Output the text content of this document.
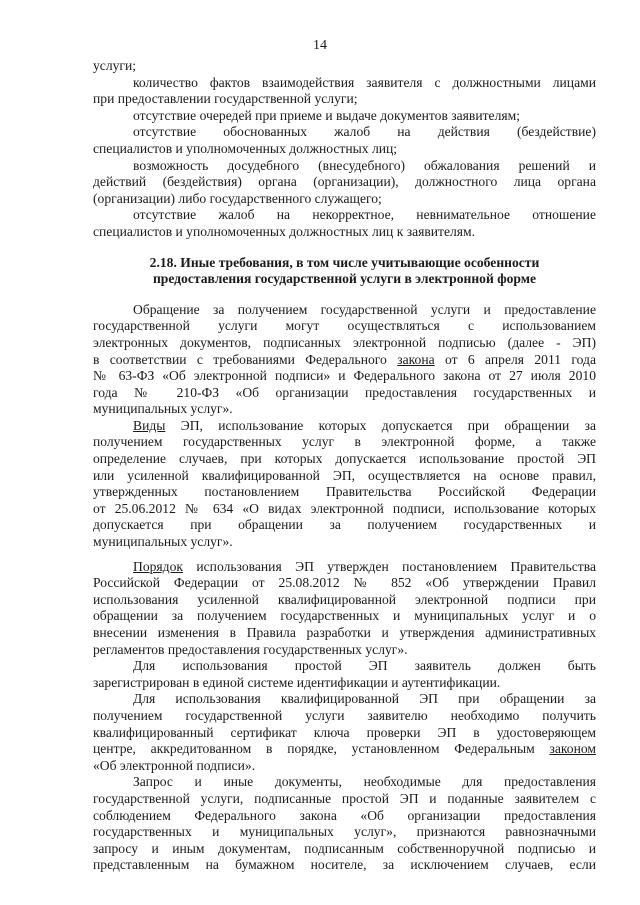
14
услуги;
количество фактов взаимодействия заявителя с должностными лицами
при предоставлении государственной услуги;
отсутствие очередей при приеме и выдаче документов заявителям;
отсутствие обоснованных жалоб на действия (бездействие)
специалистов и уполномоченных должностных лиц;
возможность досудебного (внесудебного) обжалования решений и
действий (бездействия) органа (организации), должностного лица органа
(организации) либо государственного служащего;
отсутствие жалоб на некорректное, невнимательное отношение
специалистов и уполномоченных должностных лиц к заявителям.
2.18. Иные требования, в том числе учитывающие особенности
предоставления государственной услуги в электронной форме
Обращение за получением государственной услуги и предоставление
государственной услуги могут осуществляться с использованием
электронных документов, подписанных электронной подписью (далее - ЭП)
в соответствии с требованиями Федерального закона от 6 апреля 2011 года
№ 63-ФЗ «Об электронной подписи» и Федерального закона от 27 июля 2010
года № 210-ФЗ «Об организации предоставления государственных и
муниципальных услуг».
Виды ЭП, использование которых допускается при обращении за
получением государственных услуг в электронной форме, а также
определение случаев, при которых допускается использование простой ЭП
или усиленной квалифицированной ЭП, осуществляется на основе правил,
утвержденных постановлением Правительства Российской Федерации
от 25.06.2012 № 634 «О видах электронной подписи, использование которых
допускается при обращении за получением государственных и
муниципальных услуг».
Порядок использования ЭП утвержден постановлением Правительства
Российской Федерации от 25.08.2012 № 852 «Об утверждении Правил
использования усиленной квалифицированной электронной подписи при
обращении за получением государственных и муниципальных услуг и о
внесении изменения в Правила разработки и утверждения административных
регламентов предоставления государственных услуг».
Для использования простой ЭП заявитель должен быть
зарегистрирован в единой системе идентификации и аутентификации.
Для использования квалифицированной ЭП при обращении за
получением государственной услуги заявителю необходимо получить
квалифицированный сертификат ключа проверки ЭП в удостоверяющем
центре, аккредитованном в порядке, установленном Федеральным законом
«Об электронной подписи».
Запрос и иные документы, необходимые для предоставления
государственной услуги, подписанные простой ЭП и поданные заявителем с
соблюдением Федерального закона «Об организации предоставления
государственных и муниципальных услуг», признаются равнозначными
запросу и иным документам, подписанным собственноручной подписью и
представленным на бумажном носителе, за исключением случаев, если
